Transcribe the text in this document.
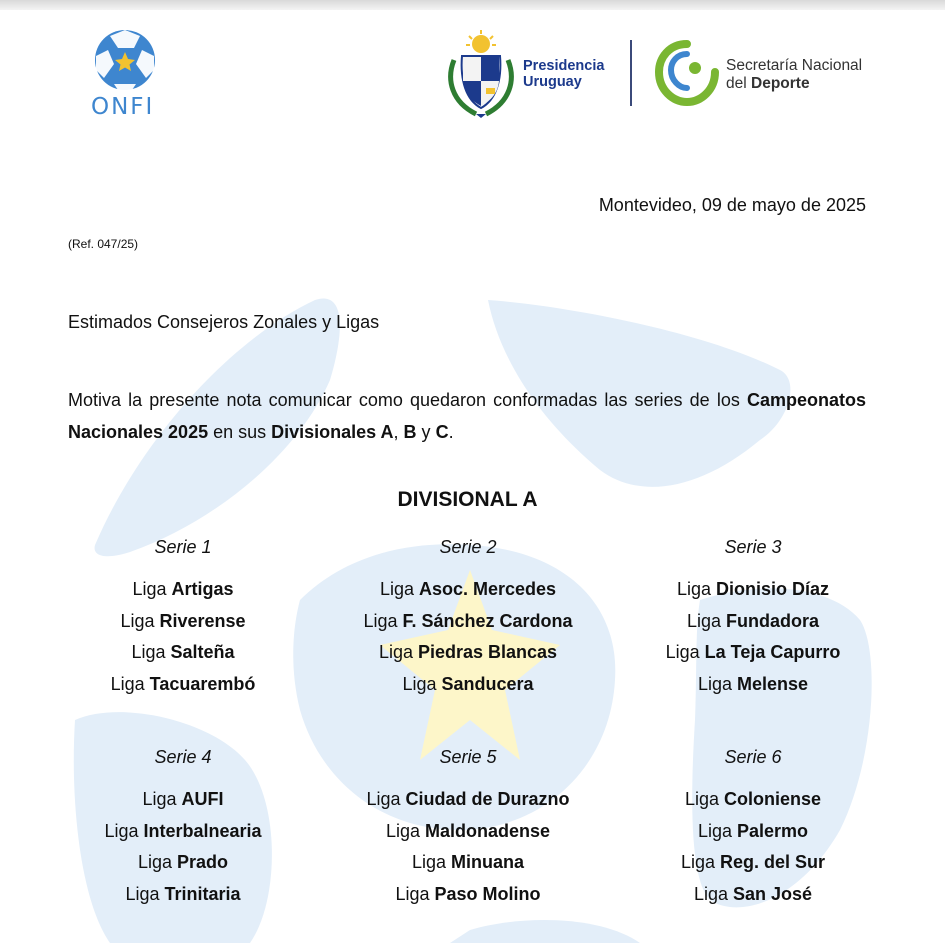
ONFI
Presidencia
Uruguay
Secretaría Nacional
del Deporte
Montevideo, 09 de mayo de 2025
(Ref. 047/25)
Estimados Consejeros Zonales y Ligas
Motiva la presente nota comunicar como quedaron conformadas las series de los Campeonatos Nacionales 2025 en sus Divisionales A, B y C.
DIVISIONAL A
Serie 1
Liga Artigas
Liga Riverense
Liga Salteña
Liga Tacuarembó
Serie 2
Liga Asoc. Mercedes
Liga F. Sánchez Cardona
Liga Piedras Blancas
Liga Sanducera
Serie 3
Liga Dionisio Díaz
Liga Fundadora
Liga La Teja Capurro
Liga Melense
Serie 4
Liga AUFI
Liga Interbalnearia
Liga Prado
Liga Trinitaria
Serie 5
Liga Ciudad de Durazno
Liga Maldonadense
Liga Minuana
Liga Paso Molino
Serie 6
Liga Coloniense
Liga Palermo
Liga Reg. del Sur
Liga San José
